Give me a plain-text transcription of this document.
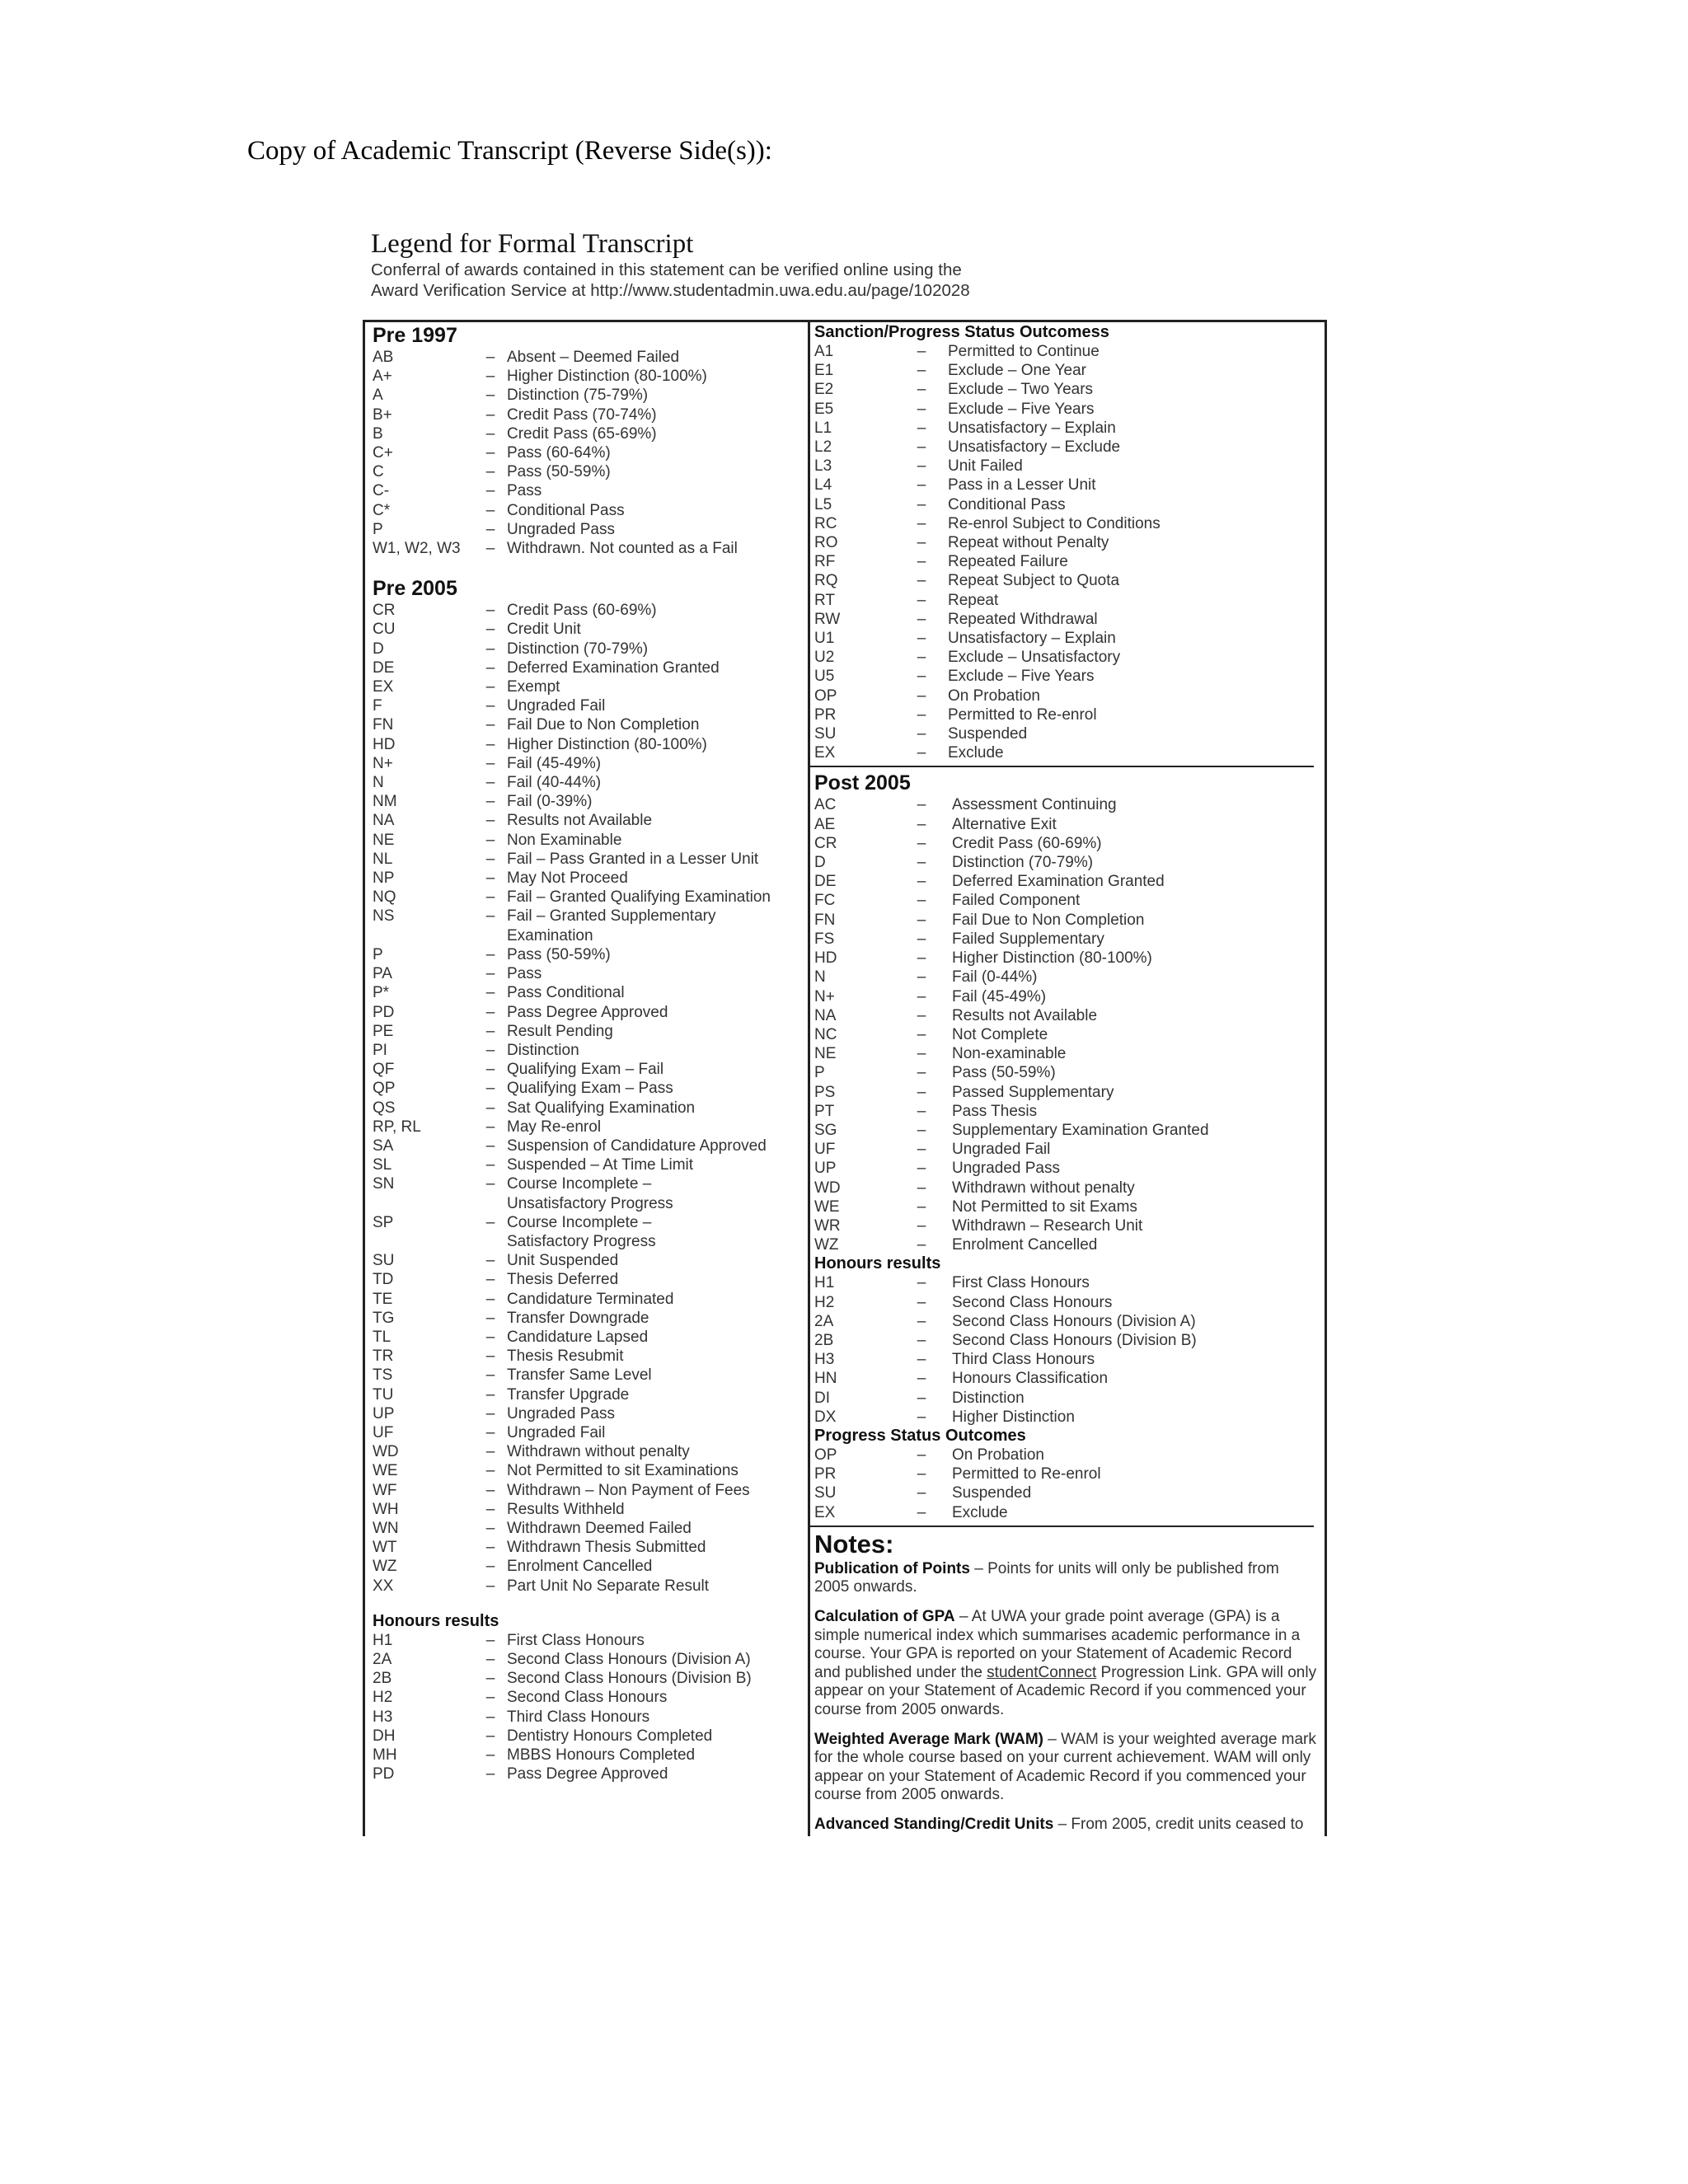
Copy of Academic Transcript (Reverse Side(s)):
Legend for Formal Transcript
Conferral of awards contained in this statement can be verified online using the
Award Verification Service at http://www.studentadmin.uwa.edu.au/page/102028
Pre 1997
AB	– Absent – Deemed Failed
A+	– Higher Distinction (80-100%)
A	– Distinction (75-79%)
B+	– Credit Pass (70-74%)
B	– Credit Pass (65-69%)
C+	– Pass (60-64%)
C	– Pass (50-59%)
C-	– Pass
C*	– Conditional Pass
P	– Ungraded Pass
W1, W2, W3	– Withdrawn. Not counted as a Fail
Pre 2005
CR	– Credit Pass (60-69%)
CU	– Credit Unit
D	– Distinction (70-79%)
DE	– Deferred Examination Granted
EX	– Exempt
F	– Ungraded Fail
FN	– Fail Due to Non Completion
HD	– Higher Distinction (80-100%)
N+	– Fail (45-49%)
N	– Fail (40-44%)
NM	– Fail (0-39%)
NA	– Results not Available
NE	– Non Examinable
NL	– Fail – Pass Granted in a Lesser Unit
NP	– May Not Proceed
NQ	– Fail – Granted Qualifying Examination
NS	– Fail – Granted Supplementary
Examination
P	– Pass (50-59%)
PA	– Pass
P*	– Pass Conditional
PD	– Pass Degree Approved
PE	– Result Pending
PI	– Distinction
QF	– Qualifying Exam – Fail
QP	– Qualifying Exam – Pass
QS	– Sat Qualifying Examination
RP, RL	– May Re-enrol
SA	– Suspension of Candidature Approved
SL	– Suspended – At Time Limit
SN	– Course Incomplete –
Unsatisfactory Progress
SP	– Course Incomplete –
Satisfactory Progress
SU	– Unit Suspended
TD	– Thesis Deferred
TE	– Candidature Terminated
TG	– Transfer Downgrade
TL	– Candidature Lapsed
TR	– Thesis Resubmit
TS	– Transfer Same Level
TU	– Transfer Upgrade
UP	– Ungraded Pass
UF	– Ungraded Fail
WD	– Withdrawn without penalty
WE	– Not Permitted to sit Examinations
WF	– Withdrawn – Non Payment of Fees
WH	– Results Withheld
WN	– Withdrawn Deemed Failed
WT	– Withdrawn Thesis Submitted
WZ	– Enrolment Cancelled
XX	– Part Unit No Separate Result
Honours results
H1	– First Class Honours
2A	– Second Class Honours (Division A)
2B	– Second Class Honours (Division B)
H2	– Second Class Honours
H3	– Third Class Honours
DH	– Dentistry Honours Completed
MH	– MBBS Honours Completed
PD	– Pass Degree Approved
Sanction/Progress Status Outcomess
A1	– Permitted to Continue
E1	– Exclude – One Year
E2	– Exclude – Two Years
E5	– Exclude – Five Years
L1	– Unsatisfactory – Explain
L2	– Unsatisfactory – Exclude
L3	– Unit Failed
L4	– Pass in a Lesser Unit
L5	– Conditional Pass
RC	– Re-enrol Subject to Conditions
RO	– Repeat without Penalty
RF	– Repeated Failure
RQ	– Repeat Subject to Quota
RT	– Repeat
RW	– Repeated Withdrawal
U1	– Unsatisfactory – Explain
U2	– Exclude – Unsatisfactory
U5	– Exclude – Five Years
OP	– On Probation
PR	– Permitted to Re-enrol
SU	– Suspended
EX	– Exclude
Post 2005
AC	– Assessment Continuing
AE	– Alternative Exit
CR	– Credit Pass (60-69%)
D	– Distinction (70-79%)
DE	– Deferred Examination Granted
FC	– Failed Component
FN	– Fail Due to Non Completion
FS	– Failed Supplementary
HD	– Higher Distinction (80-100%)
N	– Fail (0-44%)
N+	– Fail (45-49%)
NA	– Results not Available
NC	– Not Complete
NE	– Non-examinable
P	– Pass (50-59%)
PS	– Passed Supplementary
PT	– Pass Thesis
SG	– Supplementary Examination Granted
UF	– Ungraded Fail
UP	– Ungraded Pass
WD	– Withdrawn without penalty
WE	– Not Permitted to sit Exams
WR	– Withdrawn – Research Unit
WZ	– Enrolment Cancelled
Honours results
H1	– First Class Honours
H2	– Second Class Honours
2A	– Second Class Honours (Division A)
2B	– Second Class Honours (Division B)
H3	– Third Class Honours
HN	– Honours Classification
DI	– Distinction
DX	– Higher Distinction
Progress Status Outcomes
OP	– On Probation
PR	– Permitted to Re-enrol
SU	– Suspended
EX	– Exclude
Notes:
Publication of Points – Points for units will only be published from 2005 onwards.
Calculation of GPA – At UWA your grade point average (GPA) is a simple numerical index which summarises academic performance in a course. Your GPA is reported on your Statement of Academic Record and published under the studentConnect Progression Link. GPA will only appear on your Statement of Academic Record if you commenced your course from 2005 onwards.
Weighted Average Mark (WAM) – WAM is your weighted average mark for the whole course based on your current achievement. WAM will only appear on your Statement of Academic Record if you commenced your course from 2005 onwards.
Advanced Standing/Credit Units – From 2005, credit units ceased to
